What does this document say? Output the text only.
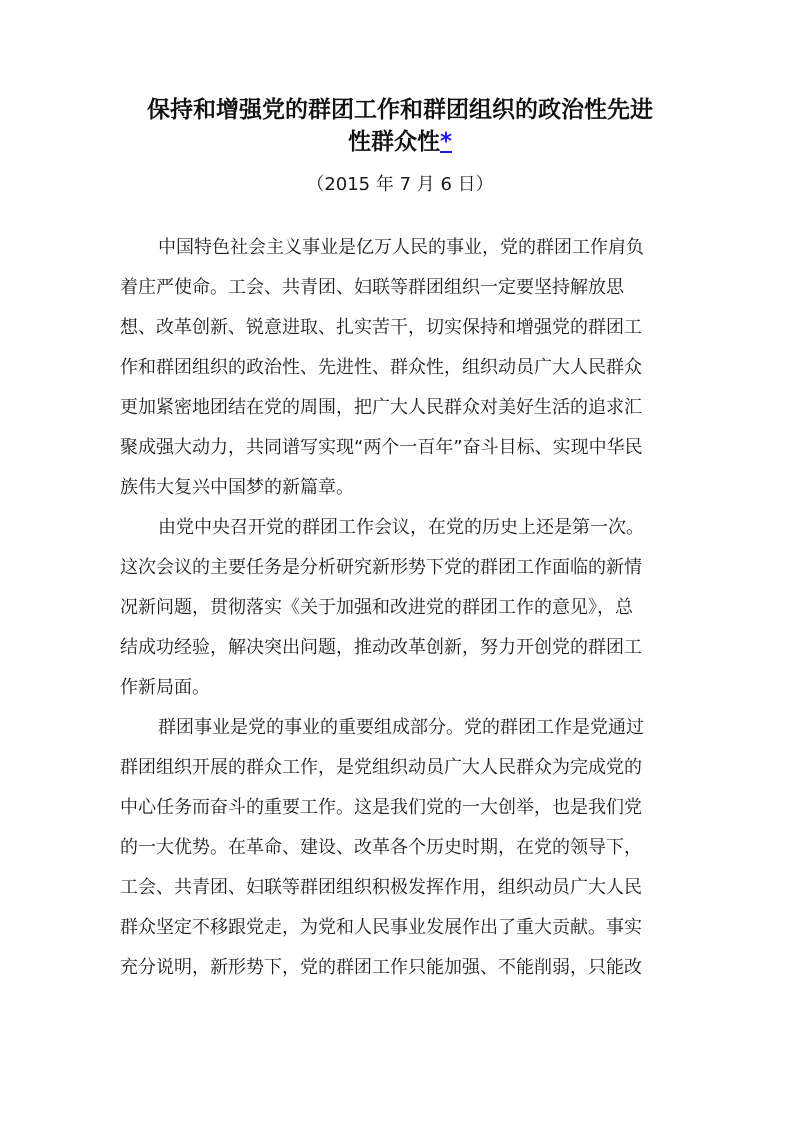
保持和增强党的群团工作和群团组织的政治性先进
性群众性*
（2015 年 7 月 6 日）
中国特色社会主义事业是亿万人民的事业，党的群团工作肩负
着庄严使命。工会、共青团、妇联等群团组织一定要坚持解放思
想、改革创新、锐意进取、扎实苦干，切实保持和增强党的群团工
作和群团组织的政治性、先进性、群众性，组织动员广大人民群众
更加紧密地团结在党的周围，把广大人民群众对美好生活的追求汇
聚成强大动力，共同谱写实现“两个一百年”奋斗目标、实现中华民
族伟大复兴中国梦的新篇章。
由党中央召开党的群团工作会议，在党的历史上还是第一次。
这次会议的主要任务是分析研究新形势下党的群团工作面临的新情
况新问题，贯彻落实《关于加强和改进党的群团工作的意见》，总
结成功经验，解决突出问题，推动改革创新，努力开创党的群团工
作新局面。
群团事业是党的事业的重要组成部分。党的群团工作是党通过
群团组织开展的群众工作，是党组织动员广大人民群众为完成党的
中心任务而奋斗的重要工作。这是我们党的一大创举，也是我们党
的一大优势。在革命、建设、改革各个历史时期，在党的领导下，
工会、共青团、妇联等群团组织积极发挥作用，组织动员广大人民
群众坚定不移跟党走，为党和人民事业发展作出了重大贡献。事实
充分说明，新形势下，党的群团工作只能加强、不能削弱，只能改
